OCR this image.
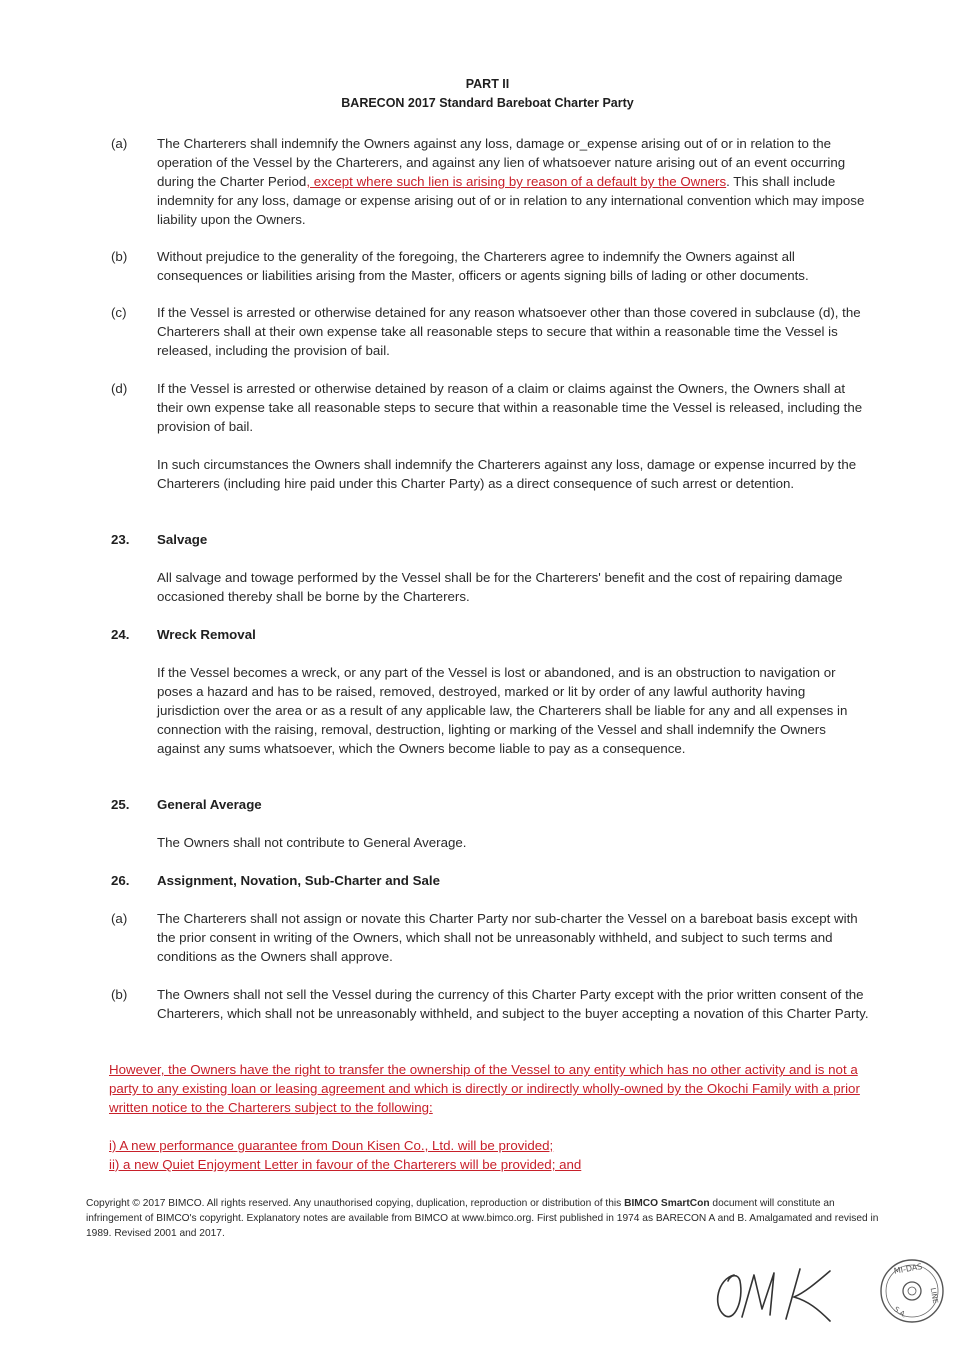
PART II
BARECON 2017 Standard Bareboat Charter Party
(a) The Charterers shall indemnify the Owners against any loss, damage or_expense arising out of or in relation to the operation of the Vessel by the Charterers, and against any lien of whatsoever nature arising out of an event occurring during the Charter Period, except where such lien is arising by reason of a default by the Owners. This shall include indemnity for any loss, damage or expense arising out of or in relation to any international convention which may impose liability upon the Owners.
(b) Without prejudice to the generality of the foregoing, the Charterers agree to indemnify the Owners against all consequences or liabilities arising from the Master, officers or agents signing bills of lading or other documents.
(c) If the Vessel is arrested or otherwise detained for any reason whatsoever other than those covered in subclause (d), the Charterers shall at their own expense take all reasonable steps to secure that within a reasonable time the Vessel is released, including the provision of bail.
(d) If the Vessel is arrested or otherwise detained by reason of a claim or claims against the Owners, the Owners shall at their own expense take all reasonable steps to secure that within a reasonable time the Vessel is released, including the provision of bail.
In such circumstances the Owners shall indemnify the Charterers against any loss, damage or expense incurred by the Charterers (including hire paid under this Charter Party) as a direct consequence of such arrest or detention.
23. Salvage
All salvage and towage performed by the Vessel shall be for the Charterers' benefit and the cost of repairing damage occasioned thereby shall be borne by the Charterers.
24. Wreck Removal
If the Vessel becomes a wreck, or any part of the Vessel is lost or abandoned, and is an obstruction to navigation or poses a hazard and has to be raised, removed, destroyed, marked or lit by order of any lawful authority having jurisdiction over the area or as a result of any applicable law, the Charterers shall be liable for any and all expenses in connection with the raising, removal, destruction, lighting or marking of the Vessel and shall indemnify the Owners against any sums whatsoever, which the Owners become liable to pay as a consequence.
25. General Average
The Owners shall not contribute to General Average.
26. Assignment, Novation, Sub-Charter and Sale
(a) The Charterers shall not assign or novate this Charter Party nor sub-charter the Vessel on a bareboat basis except with the prior consent in writing of the Owners, which shall not be unreasonably withheld, and subject to such terms and conditions as the Owners shall approve.
(b) The Owners shall not sell the Vessel during the currency of this Charter Party except with the prior written consent of the Charterers, which shall not be unreasonably withheld, and subject to the buyer accepting a novation of this Charter Party.
However, the Owners have the right to transfer the ownership of the Vessel to any entity which has no other activity and is not a party to any existing loan or leasing agreement and which is directly or indirectly wholly-owned by the Okochi Family with a prior written notice to the Charterers subject to the following:
i) A new performance guarantee from Doun Kisen Co., Ltd. will be provided;
ii) a new Quiet Enjoyment Letter in favour of the Charterers will be provided; and
Copyright © 2017 BIMCO. All rights reserved. Any unauthorised copying, duplication, reproduction or distribution of this BIMCO SmartCon document will constitute an infringement of BIMCO's copyright. Explanatory notes are available from BIMCO at www.bimco.org. First published in 1974 as BARECON A and B. Amalgamated and revised in 1989. Revised 2001 and 2017.
MI-DAS
LINE
S.A.
